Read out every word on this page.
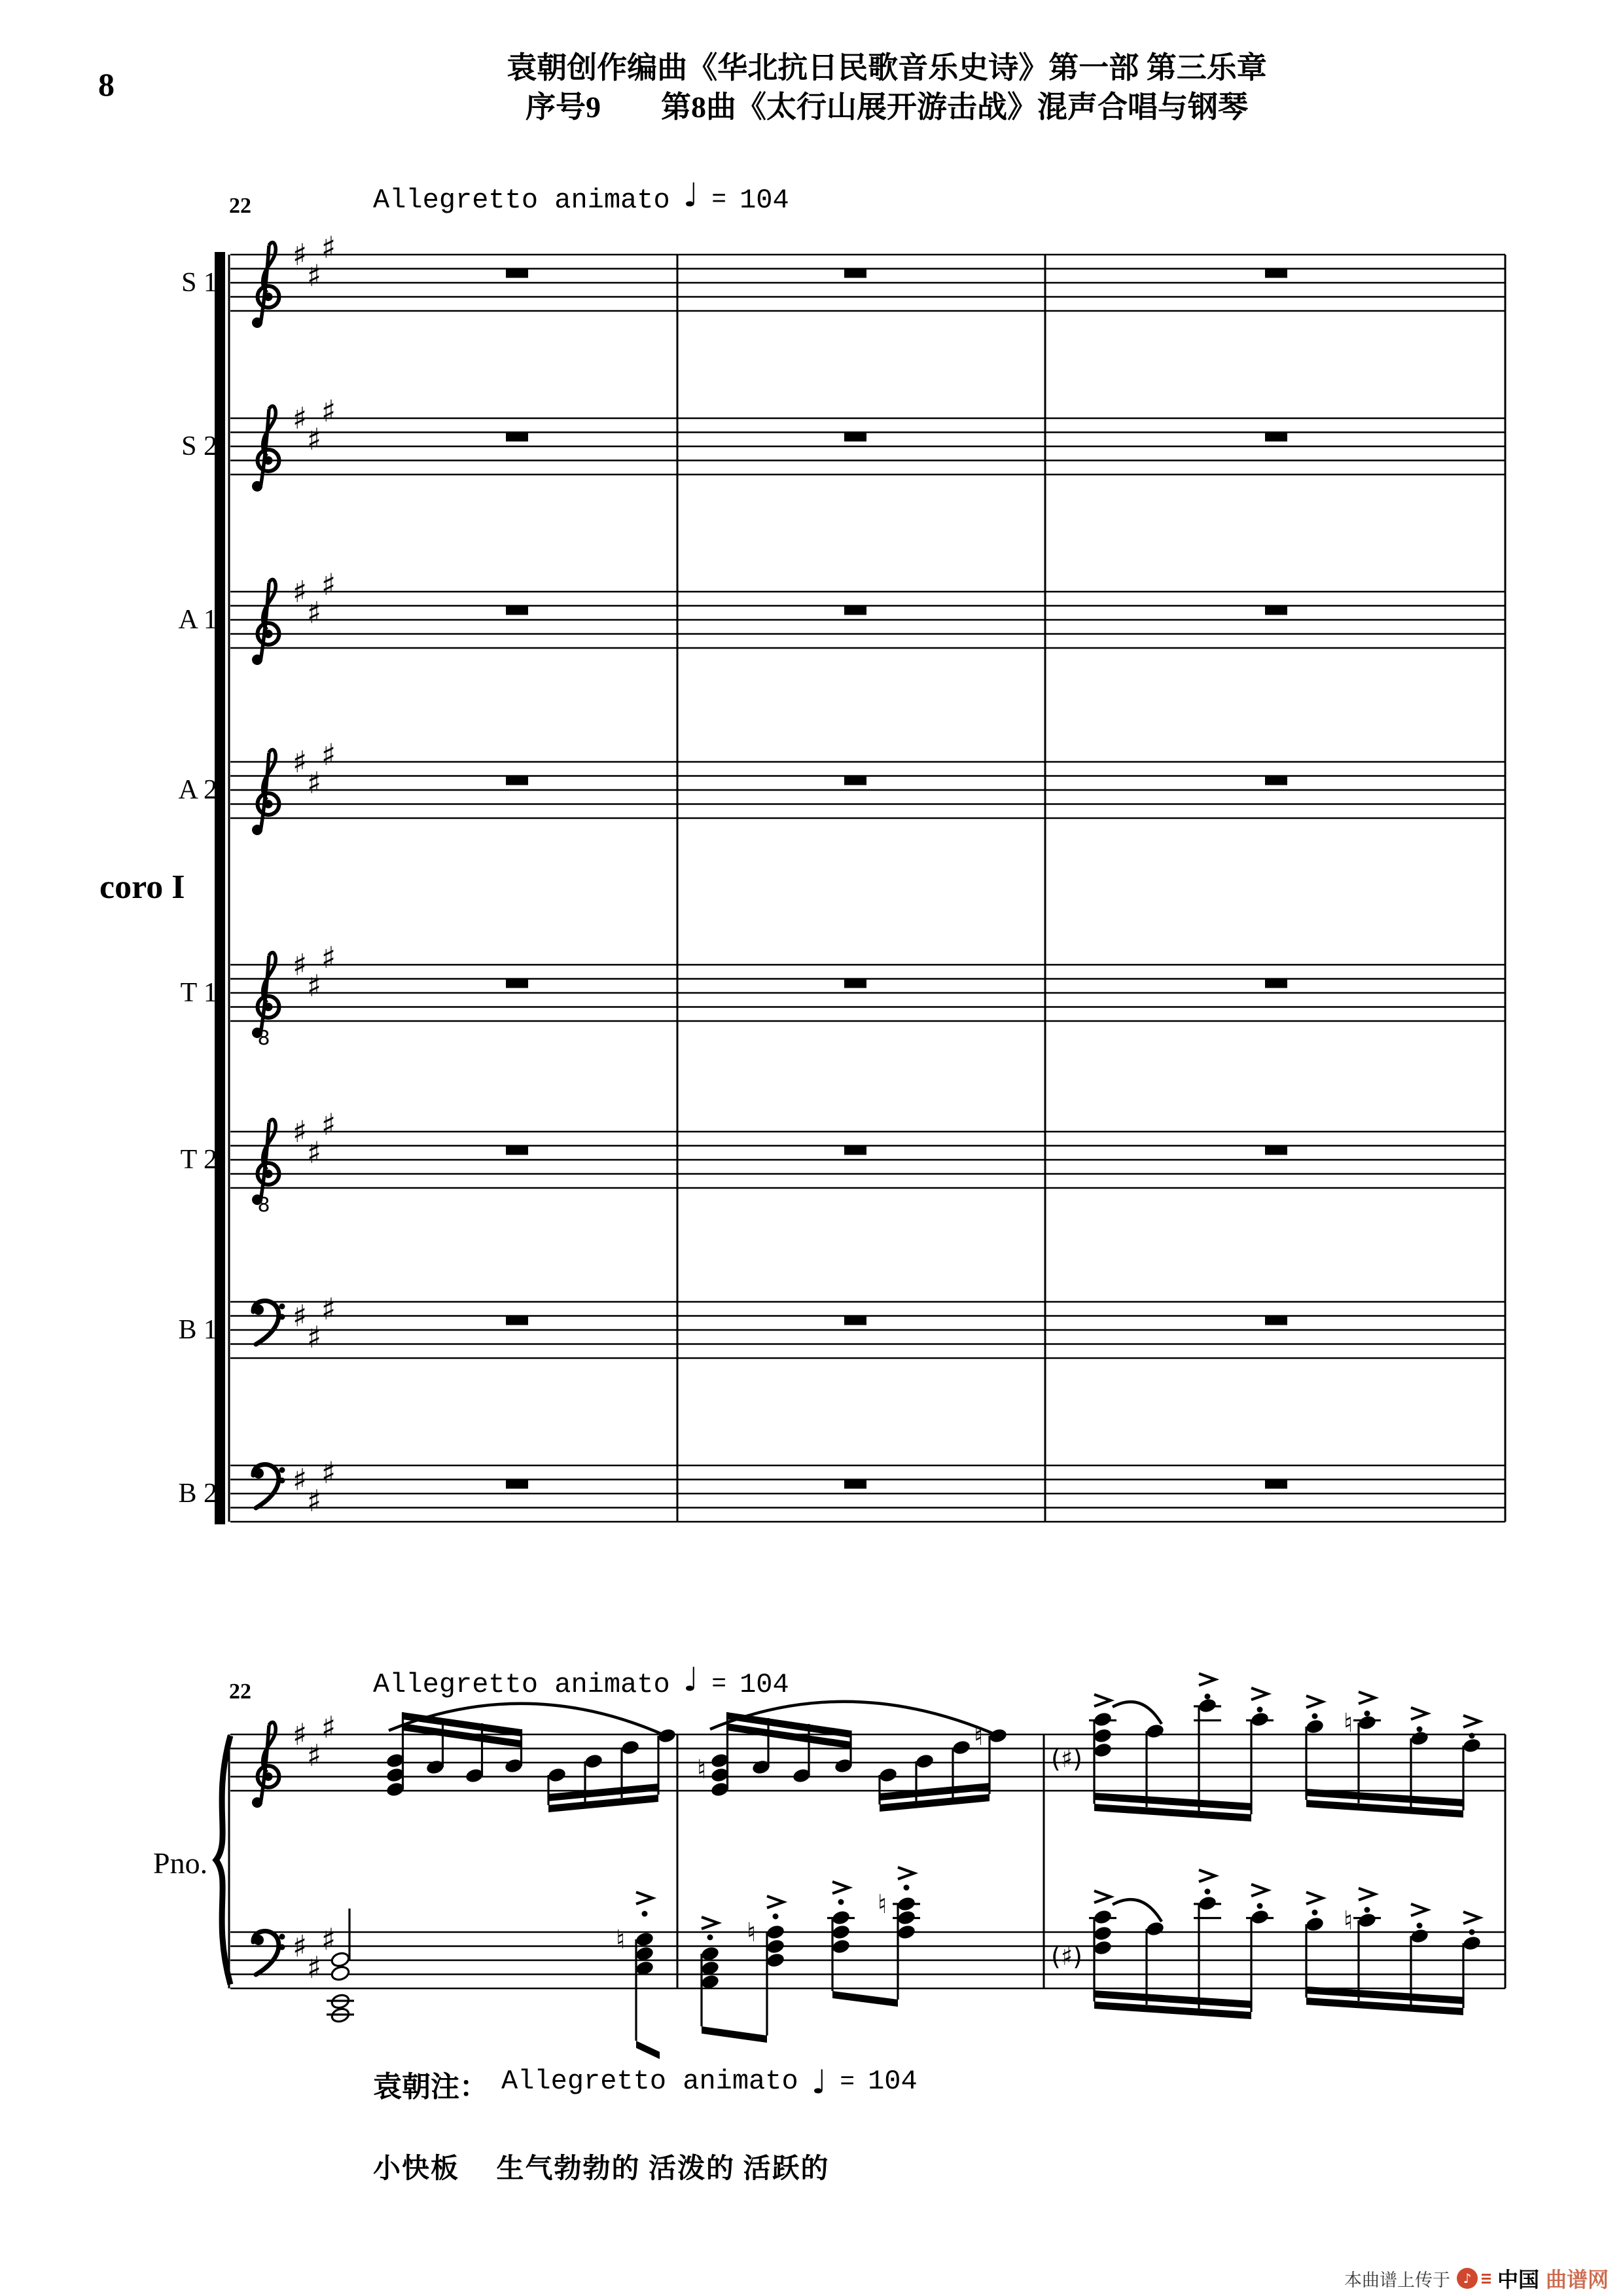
♯
♯
♯
♯
♯
♯
♯
♯
♯
♯
♯
♯
8
♯
♯
♯
8
♯
♯
♯
♯
♯
♯
♯
♯
♯
♯
♯
♯
♯
♯
♯
♮
♮
(♯)
♮
♮	♮
♮
(♯)
♮
8	袁朝创作编曲《华北抗日民歌音乐史诗》第一部 第三乐章
序号9　　第8曲《太行山展开游击战》混声合唱与钢琴
22	Allegretto animato ♩ = 104
S 1
S 2
A 1
A 2
T 1
T 2
B 1
B 2
coro I
Pno.
22	Allegretto animato ♩ = 104
袁朝注： Allegretto animato ♩ = 104
小快板　 生气勃勃的 活泼的 活跃的
本曲谱上传于 ♪	中国 曲谱网
